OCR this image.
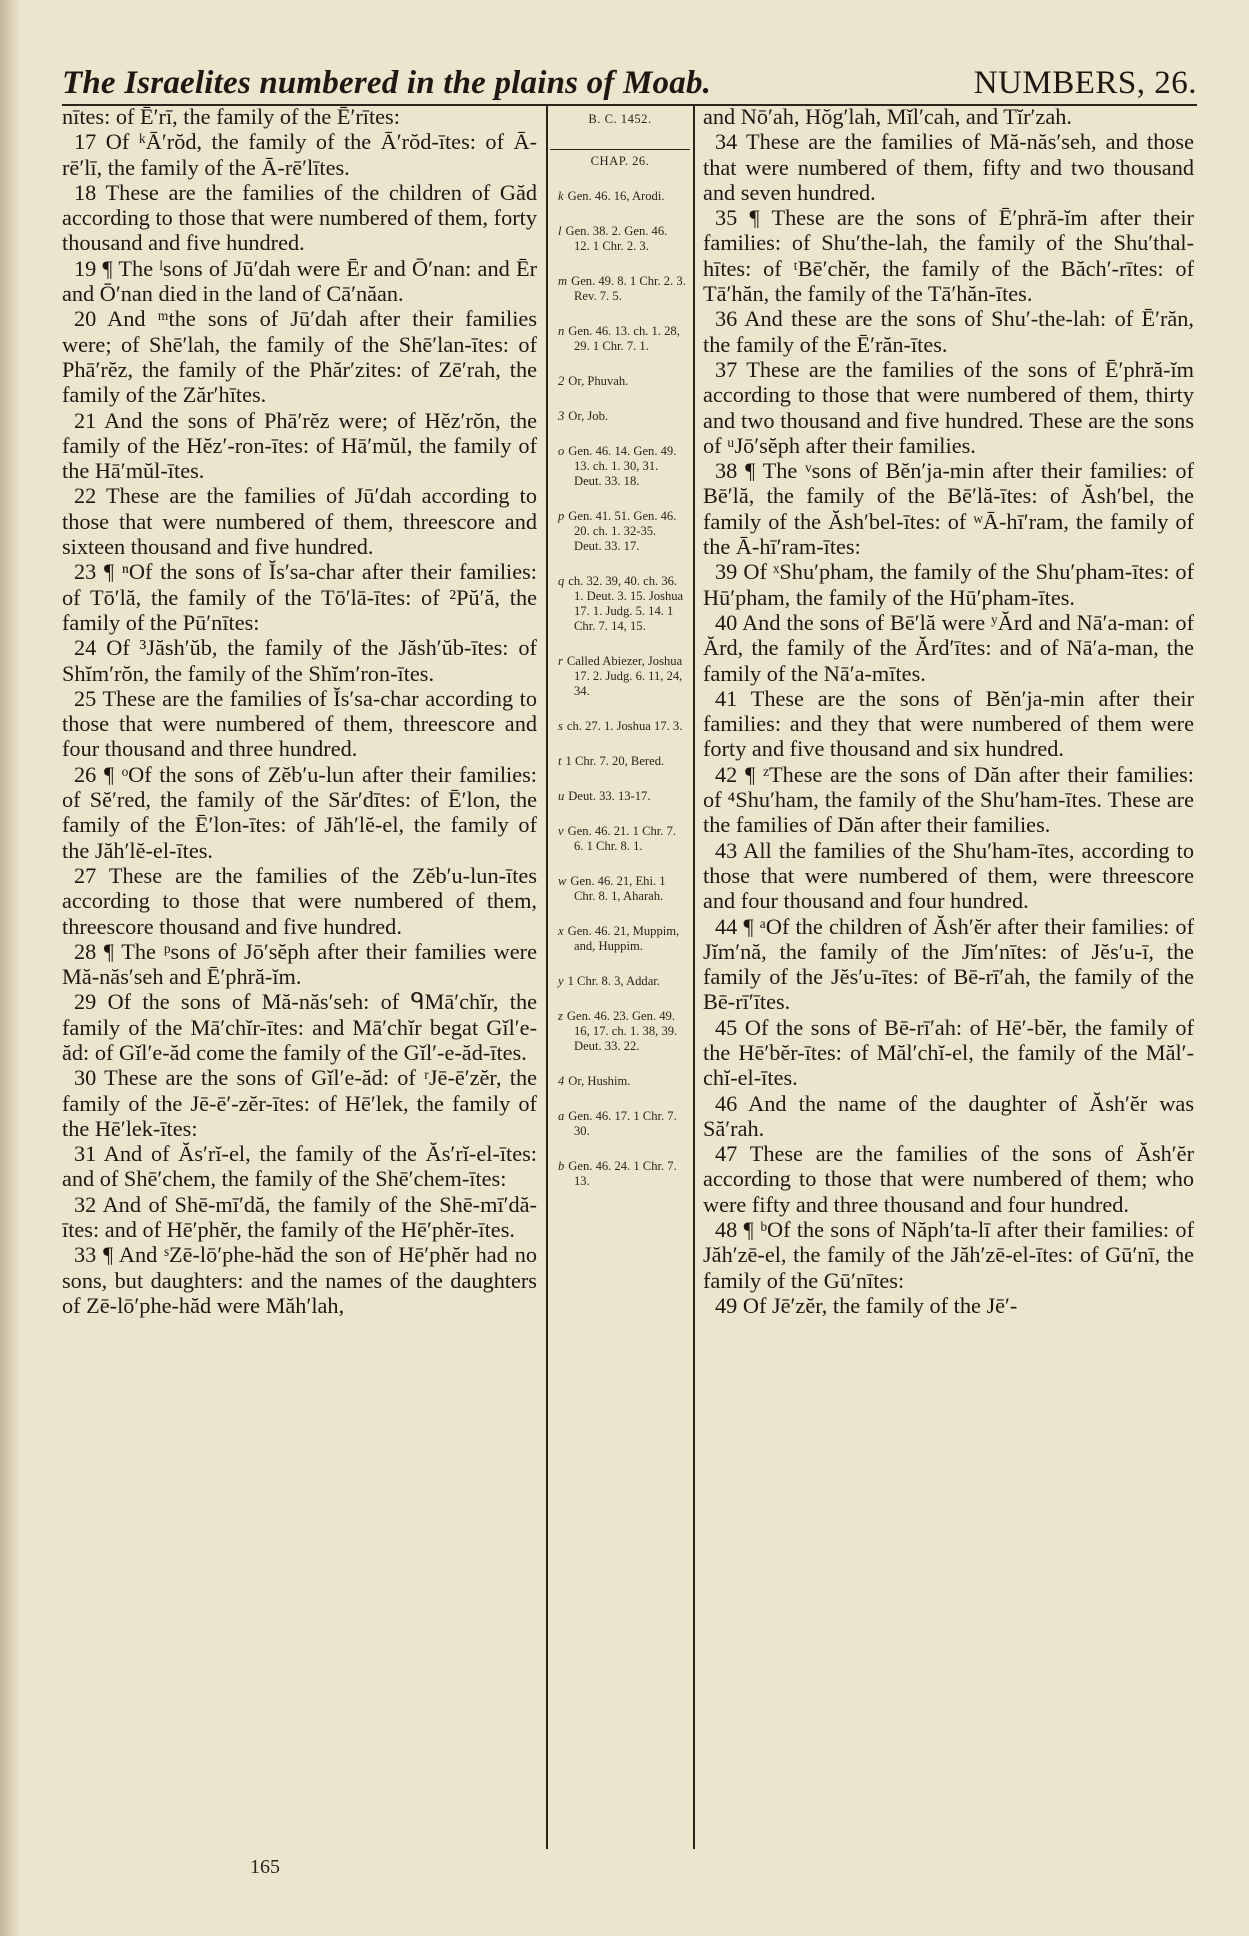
The Israelites numbered in the plains of Moab.	NUMBERS, 26.

nītes: of Ē′rī, the family of the Ē′rītes:

17 Of ᵏĀ′rŏd, the family of the Ā′rŏd-ītes: of Ā-rē′lī, the family of the Ā-rē′lītes.

18 These are the families of the children of Găd according to those that were numbered of them, forty thousand and five hundred.

19 ¶ The ˡsons of Jū′dah were Ēr and Ō′nan: and Ēr and Ō′nan died in the land of Cā′năan.

20 And ᵐthe sons of Jū′dah after their families were; of Shē′lah, the family of the Shē′lan-ītes: of Phā′rĕz, the family of the Phăr′zites: of Zē′rah, the family of the Zăr′hītes.

21 And the sons of Phā′rĕz were; of Hĕz′rŏn, the family of the Hĕz′-ron-ītes: of Hā′mŭl, the family of the Hā′mŭl-ītes.

22 These are the families of Jū′dah according to those that were numbered of them, threescore and sixteen thousand and five hundred.

23 ¶ ⁿOf the sons of Ĭs′sa-char after their families: of Tō′lă, the family of the Tō′lā-ītes: of ²Pŭ′ă, the family of the Pū′nītes:

24 Of ³Jăsh′ŭb, the family of the Jăsh′ŭb-ītes: of Shĭm′rŏn, the family of the Shĭm′ron-ītes.

25 These are the families of Ĭs′sa-char according to those that were numbered of them, threescore and four thousand and three hundred.

26 ¶ ᵒOf the sons of Zĕb′u-lun after their families: of Sĕ′red, the family of the Săr′dītes: of Ē′lon, the family of the Ē′lon-ītes: of Jăh′lĕ-el, the family of the Jăh′lĕ-el-ītes.

27 These are the families of the Zĕb′u-lun-ītes according to those that were numbered of them, threescore thousand and five hundred.

28 ¶ The ᵖsons of Jō′sĕph after their families were Mă-năs′seh and Ē′phră-ĭm.

29 Of the sons of Mă-năs′seh: of ᑫMā′chĭr, the family of the Mā′chĭr-ītes: and Mā′chĭr begat Gĭl′e-ăd: of Gĭl′e-ăd come the family of the Gĭl′-e-ăd-ītes.

30 These are the sons of Gĭl′e-ăd: of ʳJē-ē′zĕr, the family of the Jē-ē′-zĕr-ītes: of Hē′lek, the family of the Hē′lek-ītes:

31 And of Ăs′rĭ-el, the family of the Ăs′rĭ-el-ītes: and of Shē′chem, the family of the Shē′chem-ītes:

32 And of Shē-mī′dă, the family of the Shē-mī′dă-ītes: and of Hē′phĕr, the family of the Hē′phĕr-ītes.

33 ¶ And ˢZē-lō′phe-hăd the son of Hē′phĕr had no sons, but daughters: and the names of the daughters of Zē-lō′phe-hăd were Măh′lah,

B. C. 1452.
CHAP. 26.
k Gen. 46. 16, Arodi.
l Gen. 38. 2. Gen. 46. 12. 1 Chr. 2. 3.
m Gen. 49. 8. 1 Chr. 2. 3. Rev. 7. 5.
n Gen. 46. 13. ch. 1. 28, 29. 1 Chr. 7. 1.
2 Or, Phuvah.
3 Or, Job.
o Gen. 46. 14. Gen. 49. 13. ch. 1. 30, 31. Deut. 33. 18.
p Gen. 41. 51. Gen. 46. 20. ch. 1. 32-35. Deut. 33. 17.
q ch. 32. 39, 40. ch. 36. 1. Deut. 3. 15. Joshua 17. 1. Judg. 5. 14. 1 Chr. 7. 14, 15.
r Called Abiezer, Joshua 17. 2. Judg. 6. 11, 24, 34.
s ch. 27. 1. Joshua 17. 3.
t 1 Chr. 7. 20, Bered.
u Deut. 33. 13-17.
v Gen. 46. 21. 1 Chr. 7. 6. 1 Chr. 8. 1.
w Gen. 46. 21, Ehi. 1 Chr. 8. 1, Aharah.
x Gen. 46. 21, Muppim, and, Huppim.
y 1 Chr. 8. 3, Addar.
z Gen. 46. 23. Gen. 49. 16, 17. ch. 1. 38, 39. Deut. 33. 22.
4 Or, Hushim.
a Gen. 46. 17. 1 Chr. 7. 30.
b Gen. 46. 24. 1 Chr. 7. 13.

and Nō′ah, Hŏg′lah, Mĭl′cah, and Tĭr′zah.

34 These are the families of Mă-năs′seh, and those that were numbered of them, fifty and two thousand and seven hundred.

35 ¶ These are the sons of Ē′phră-ĭm after their families: of Shu′the-lah, the family of the Shu′thal-hītes: of ᵗBē′chĕr, the family of the Băch′-rītes: of Tā′hăn, the family of the Tā′hăn-ītes.

36 And these are the sons of Shu′-the-lah: of Ē′răn, the family of the Ē′răn-ītes.

37 These are the families of the sons of Ē′phră-ĭm according to those that were numbered of them, thirty and two thousand and five hundred. These are the sons of ᵘJō′sĕph after their families.

38 ¶ The ᵛsons of Bĕn′ja-min after their families: of Bē′lă, the family of the Bē′lă-ītes: of Ăsh′bel, the family of the Ăsh′bel-ītes: of ʷĀ-hī′ram, the family of the Ā-hī′ram-ītes:

39 Of ˣShu′pham, the family of the Shu′pham-ītes: of Hū′pham, the family of the Hū′pham-ītes.

40 And the sons of Bē′lă were ʸĂrd and Nā′a-man: of Ărd, the family of the Ărd′ītes: and of Nā′a-man, the family of the Nā′a-mītes.

41 These are the sons of Bĕn′ja-min after their families: and they that were numbered of them were forty and five thousand and six hundred.

42 ¶ ᶻThese are the sons of Dăn after their families: of ⁴Shu′ham, the family of the Shu′ham-ītes. These are the families of Dăn after their families.

43 All the families of the Shu′ham-ītes, according to those that were numbered of them, were threescore and four thousand and four hundred.

44 ¶ ᵃOf the children of Ăsh′ĕr after their families: of Jĭm′nă, the family of the Jĭm′nītes: of Jĕs′u-ī, the family of the Jĕs′u-ītes: of Bē-rī′ah, the family of the Bē-rī′ītes.

45 Of the sons of Bē-rī′ah: of Hē′-bĕr, the family of the Hē′bĕr-ītes: of Măl′chĭ-el, the family of the Măl′-chĭ-el-ītes.

46 And the name of the daughter of Ăsh′ĕr was Să′rah.

47 These are the families of the sons of Ăsh′ĕr according to those that were numbered of them; who were fifty and three thousand and four hundred.

48 ¶ ᵇOf the sons of Năph′ta-lī after their families: of Jăh′zē-el, the family of the Jăh′zē-el-ītes: of Gū′nī, the family of the Gū′nītes:

49 Of Jē′zĕr, the family of the Jē′-

165
